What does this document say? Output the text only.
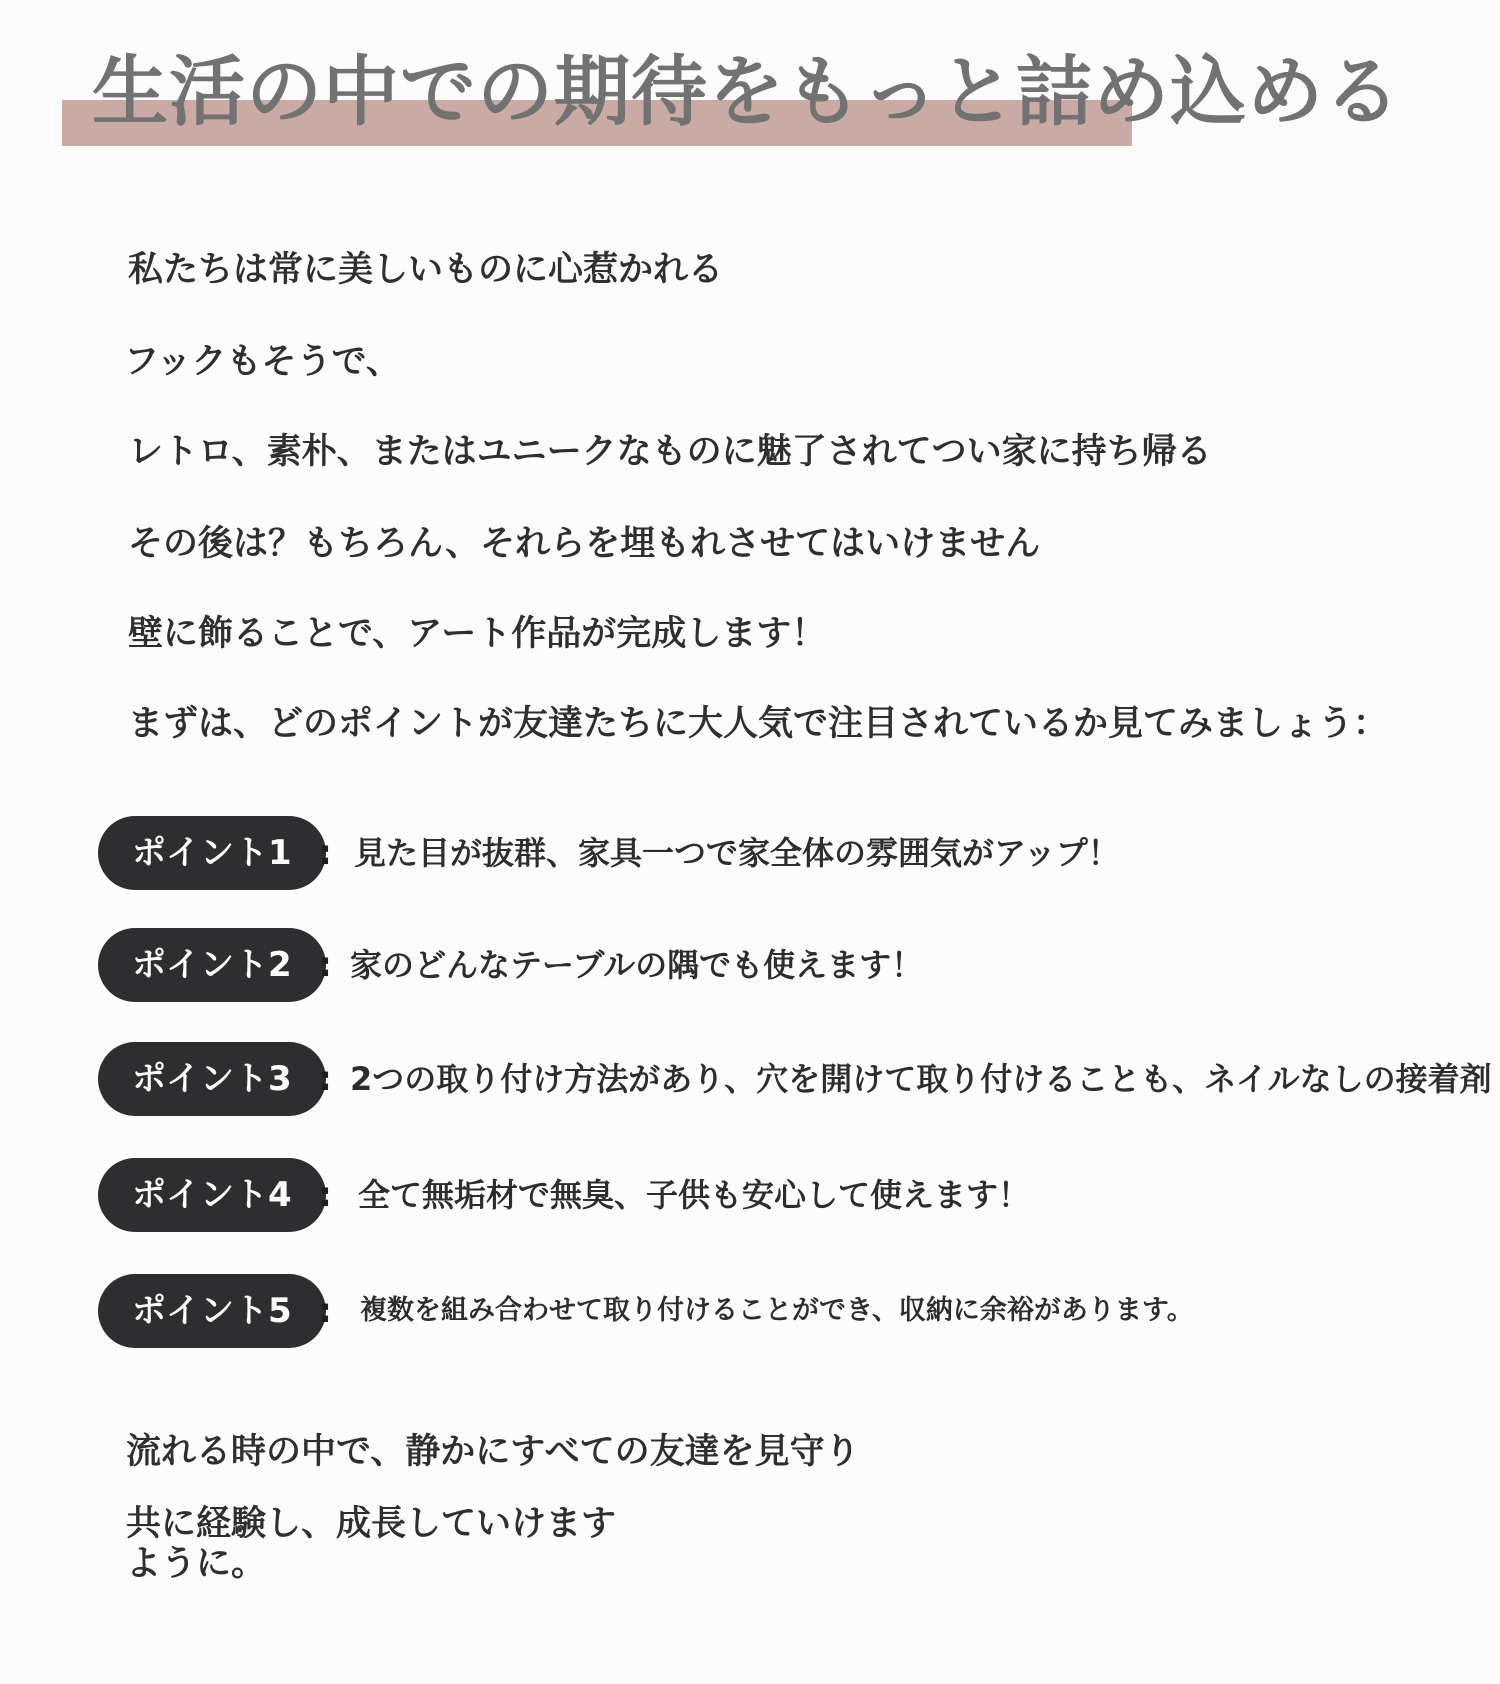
生活の中での期待をもっと詰め込める
私たちは常に美しいものに心惹かれる
フックもそうで、
レトロ、素朴、またはユニークなものに魅了されてつい家に持ち帰る
その後は？もちろん、それらを埋もれさせてはいけません
壁に飾ることで、アート作品が完成します！
まずは、どのポイントが友達たちに大人気で注目されているか見てみましょう：
ポイント1 : 見た目が抜群、家具一つで家全体の雰囲気がアップ！
ポイント2 : 家のどんなテーブルの隅でも使えます！
ポイント3 : 2つの取り付け方法があり、穴を開けて取り付けることも、ネイルなしの接着剤
ポイント4 : 全て無垢材で無臭、子供も安心して使えます！
ポイント5 :	複数を組み合わせて取り付けることができ、収納に余裕があります。
流れる時の中で、静かにすべての友達を見守り
共に経験し、成長していけます
ように。
